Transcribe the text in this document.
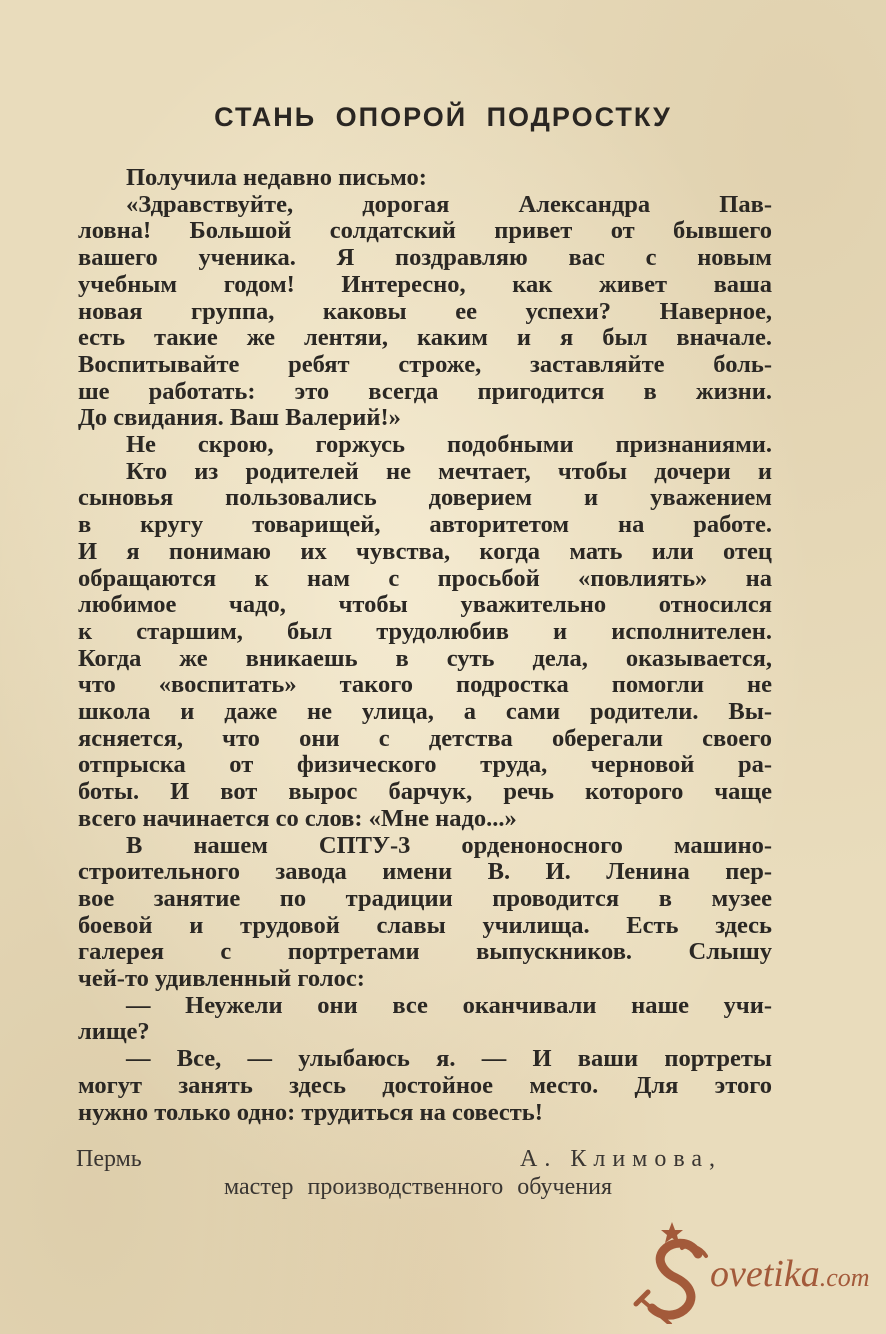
СТАНЬ ОПОРОЙ ПОДРОСТКУ
Получила недавно письмо:
«Здравствуйте, дорогая Александра Пав-
ловна! Большой солдатский привет от бывшего
вашего ученика. Я поздравляю вас с новым
учебным годом! Интересно, как живет ваша
новая группа, каковы ее успехи? Наверное,
есть такие же лентяи, каким и я был вначале.
Воспитывайте ребят строже, заставляйте боль-
ше работать: это всегда пригодится в жизни.
До свидания. Ваш Валерий!»
Не скрою, горжусь подобными признаниями.
Кто из родителей не мечтает, чтобы дочери и
сыновья пользовались доверием и уважением
в кругу товарищей, авторитетом на работе.
И я понимаю их чувства, когда мать или отец
обращаются к нам с просьбой «повлиять» на
любимое чадо, чтобы уважительно относился
к старшим, был трудолюбив и исполнителен.
Когда же вникаешь в суть дела, оказывается,
что «воспитать» такого подростка помогли не
школа и даже не улица, а сами родители. Вы-
ясняется, что они с детства оберегали своего
отпрыска от физического труда, черновой ра-
боты. И вот вырос барчук, речь которого чаще
всего начинается со слов: «Мне надо...»
В нашем СПТУ-3 орденоносного машино-
строительного завода имени В. И. Ленина пер-
вое занятие по традиции проводится в музее
боевой и трудовой славы училища. Есть здесь
галерея с портретами выпускников. Слышу
чей-то удивленный голос:
— Неужели они все оканчивали наше учи-
лище?
— Все, — улыбаюсь я. — И ваши портреты
могут занять здесь достойное место. Для этого
нужно только одно: трудиться на совесть!
Пермь	А. Климова,
мастер производственного обучения
ovetika.com
